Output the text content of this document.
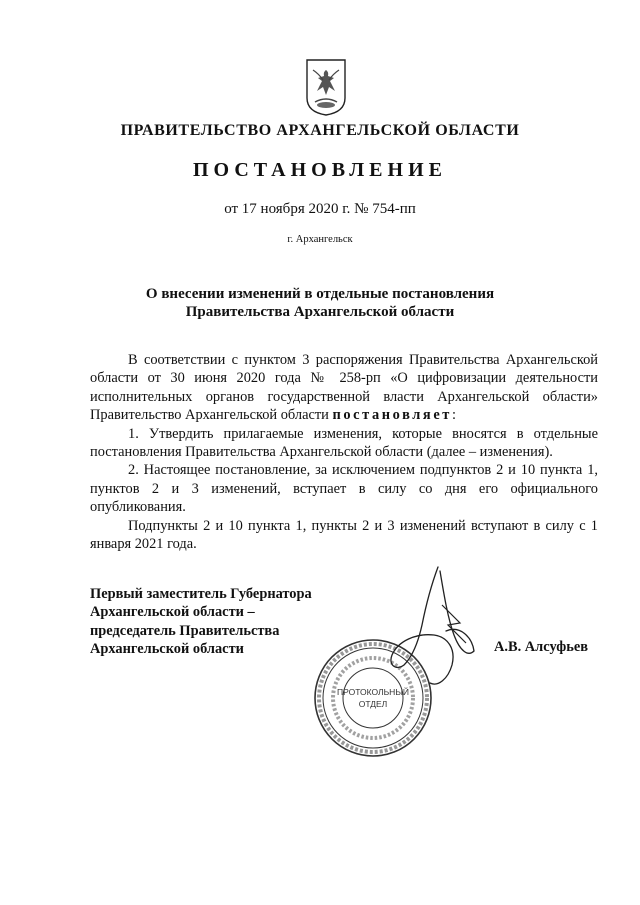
ПРАВИТЕЛЬСТВО АРХАНГЕЛЬСКОЙ ОБЛАСТИ
ПОСТАНОВЛЕНИЕ
от 17 ноября 2020 г. № 754-пп
г. Архангельск
О внесении изменений в отдельные постановления
Правительства Архангельской области

В соответствии с пунктом 3 распоряжения Правительства Архангельской области от 30 июня 2020 года № 258-рп «О цифровизации деятельности исполнительных органов государственной власти Архангельской области» Правительство Архангельской области постановляет:

1. Утвердить прилагаемые изменения, которые вносятся в отдельные постановления Правительства Архангельской области (далее – изменения).

2. Настоящее постановление, за исключением подпунктов 2 и 10 пункта 1, пунктов 2 и 3 изменений, вступает в силу со дня его официального опубликования.

Подпункты 2 и 10 пункта 1, пункты 2 и 3 изменений вступают в силу с 1 января 2021 года.

Первый заместитель Губернатора
Архангельской области –
председатель Правительства
Архангельской области
ПРОТОКОЛЬНЫЙ
ОТДЕЛ
А.В. Алсуфьев
